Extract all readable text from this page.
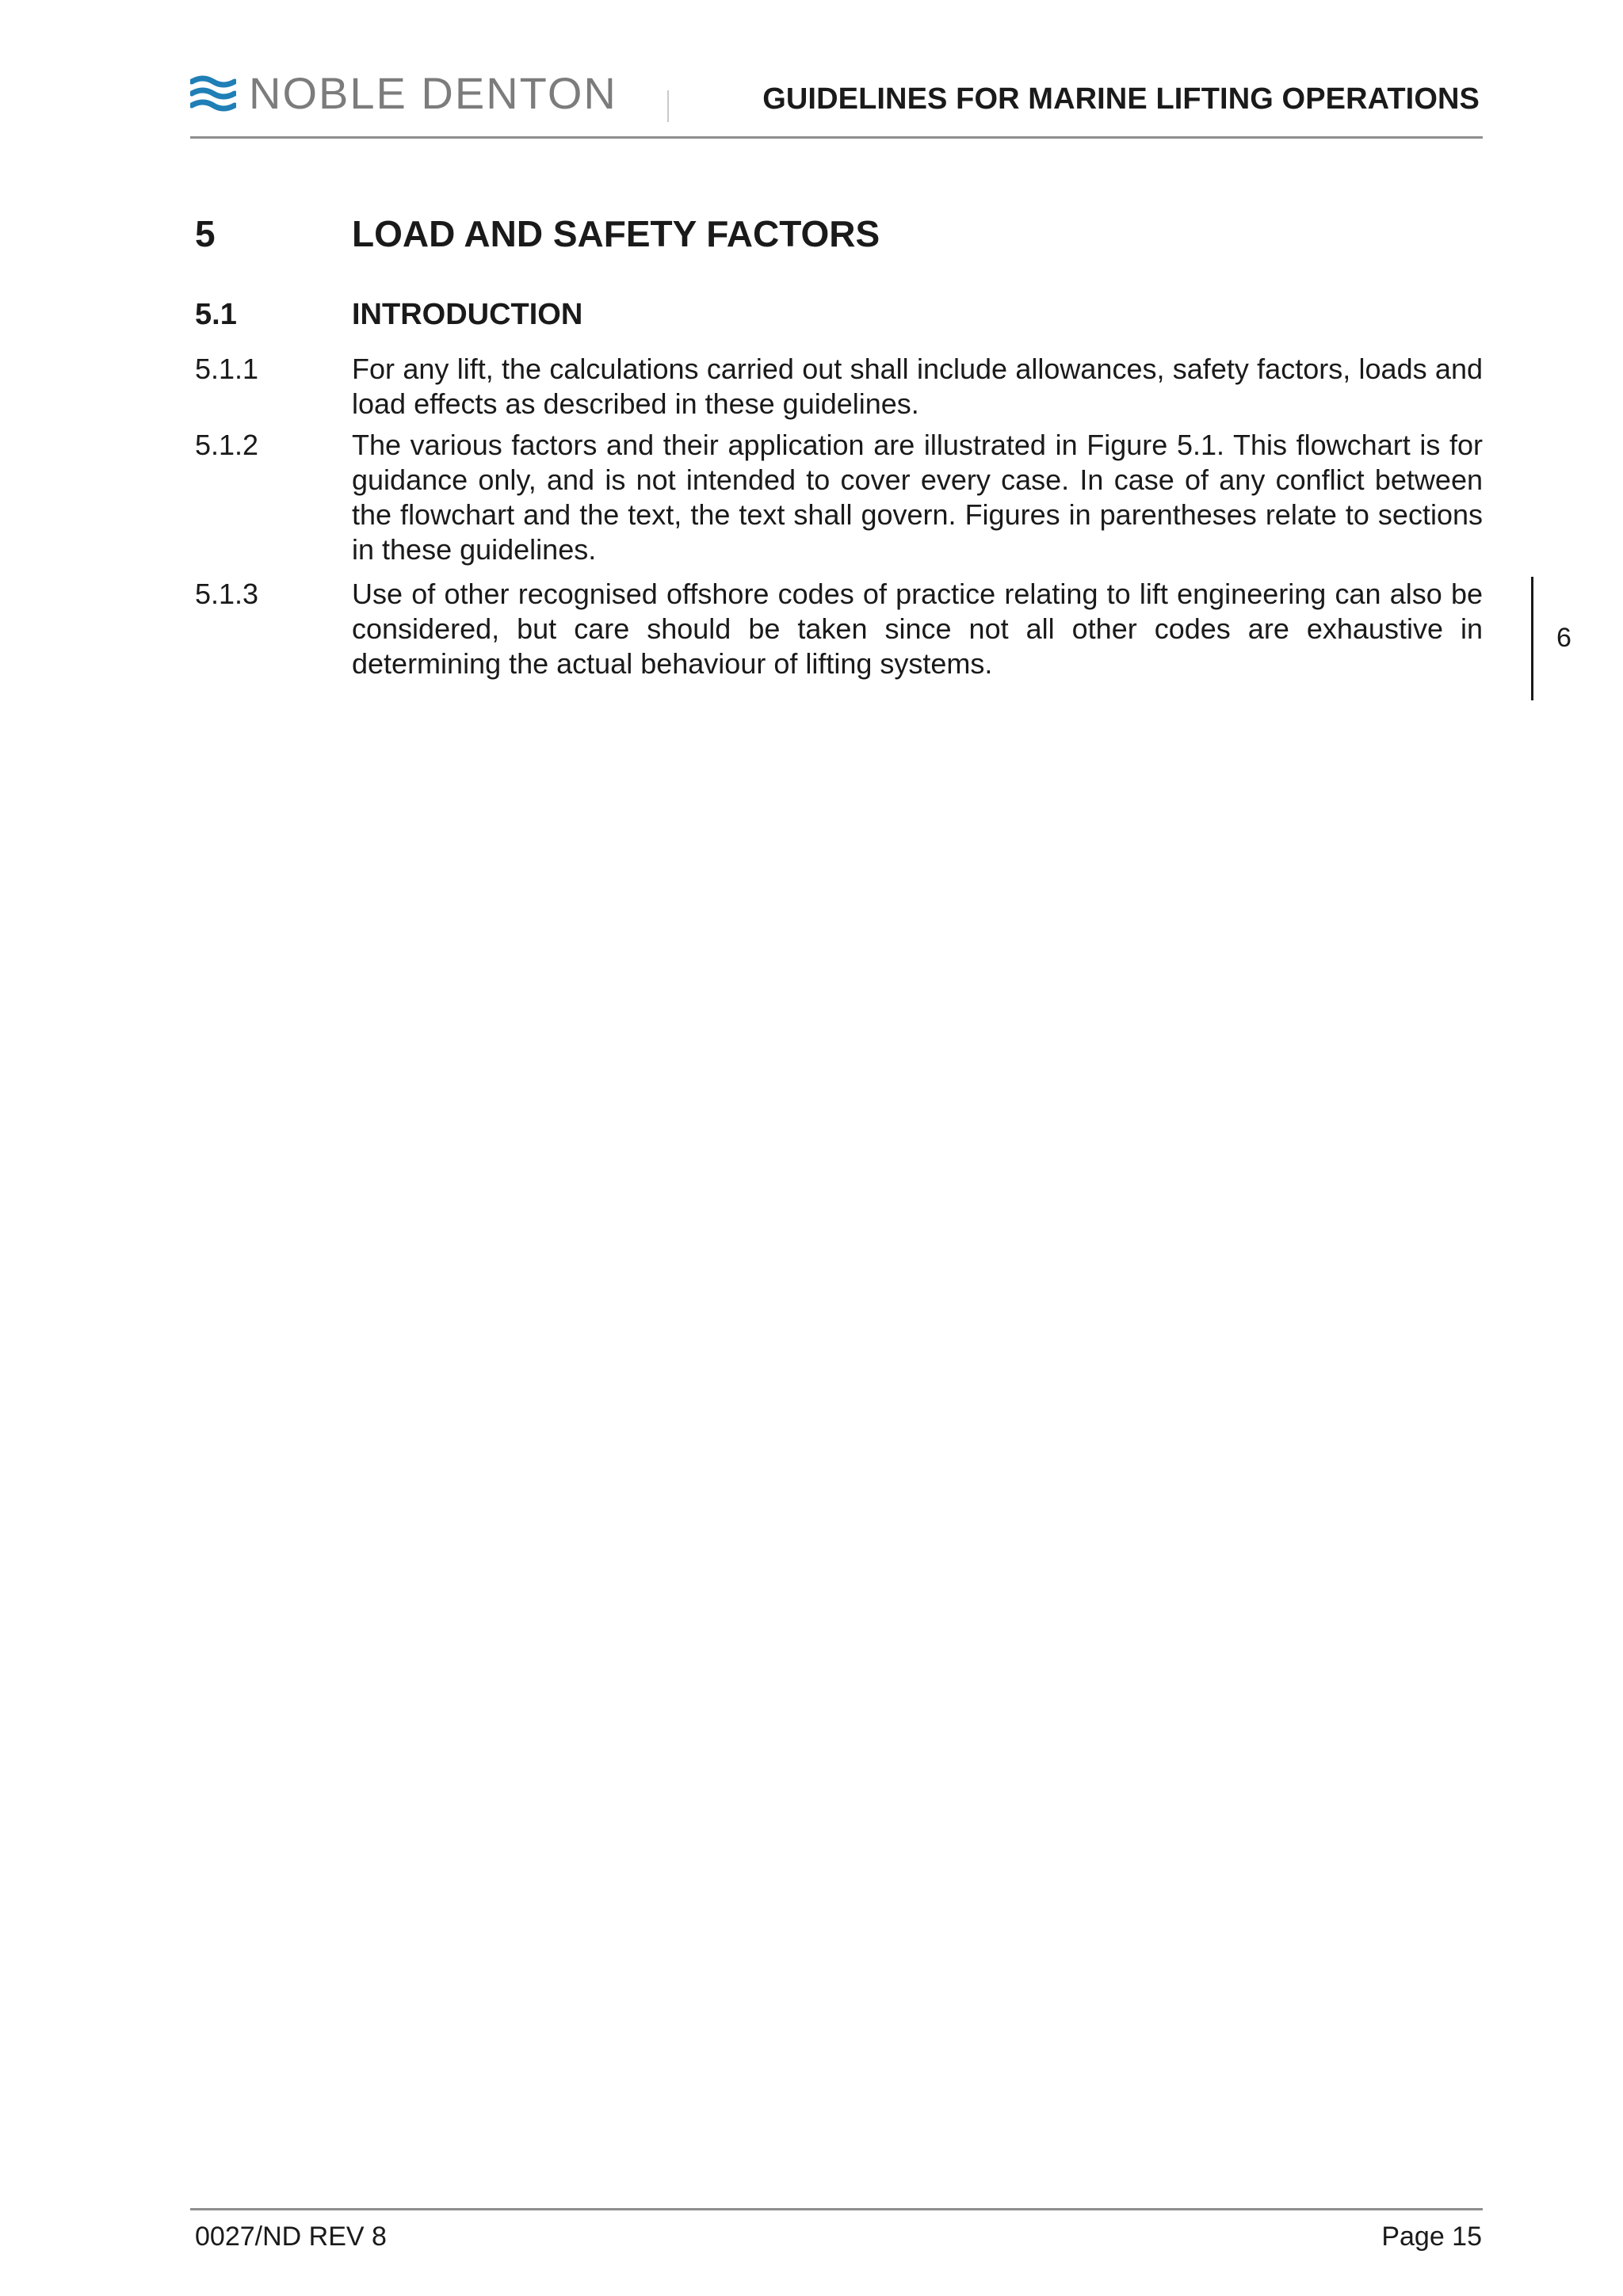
NOBLE DENTON	GUIDELINES FOR MARINE LIFTING OPERATIONS
5	LOAD AND SAFETY FACTORS
5.1	INTRODUCTION
5.1.1	For any lift, the calculations carried out shall include allowances, safety factors, loads and load effects as described in these guidelines.
5.1.2	The various factors and their application are illustrated in Figure 5.1. This flowchart is for guidance only, and is not intended to cover every case. In case of any conflict between the flowchart and the text, the text shall govern. Figures in parentheses relate to sections in these guidelines.
5.1.3	Use of other recognised offshore codes of practice relating to lift engineering can also be considered, but care should be taken since not all other codes are exhaustive in determining the actual behaviour of lifting systems.
6
0027/ND REV 8	Page 15
